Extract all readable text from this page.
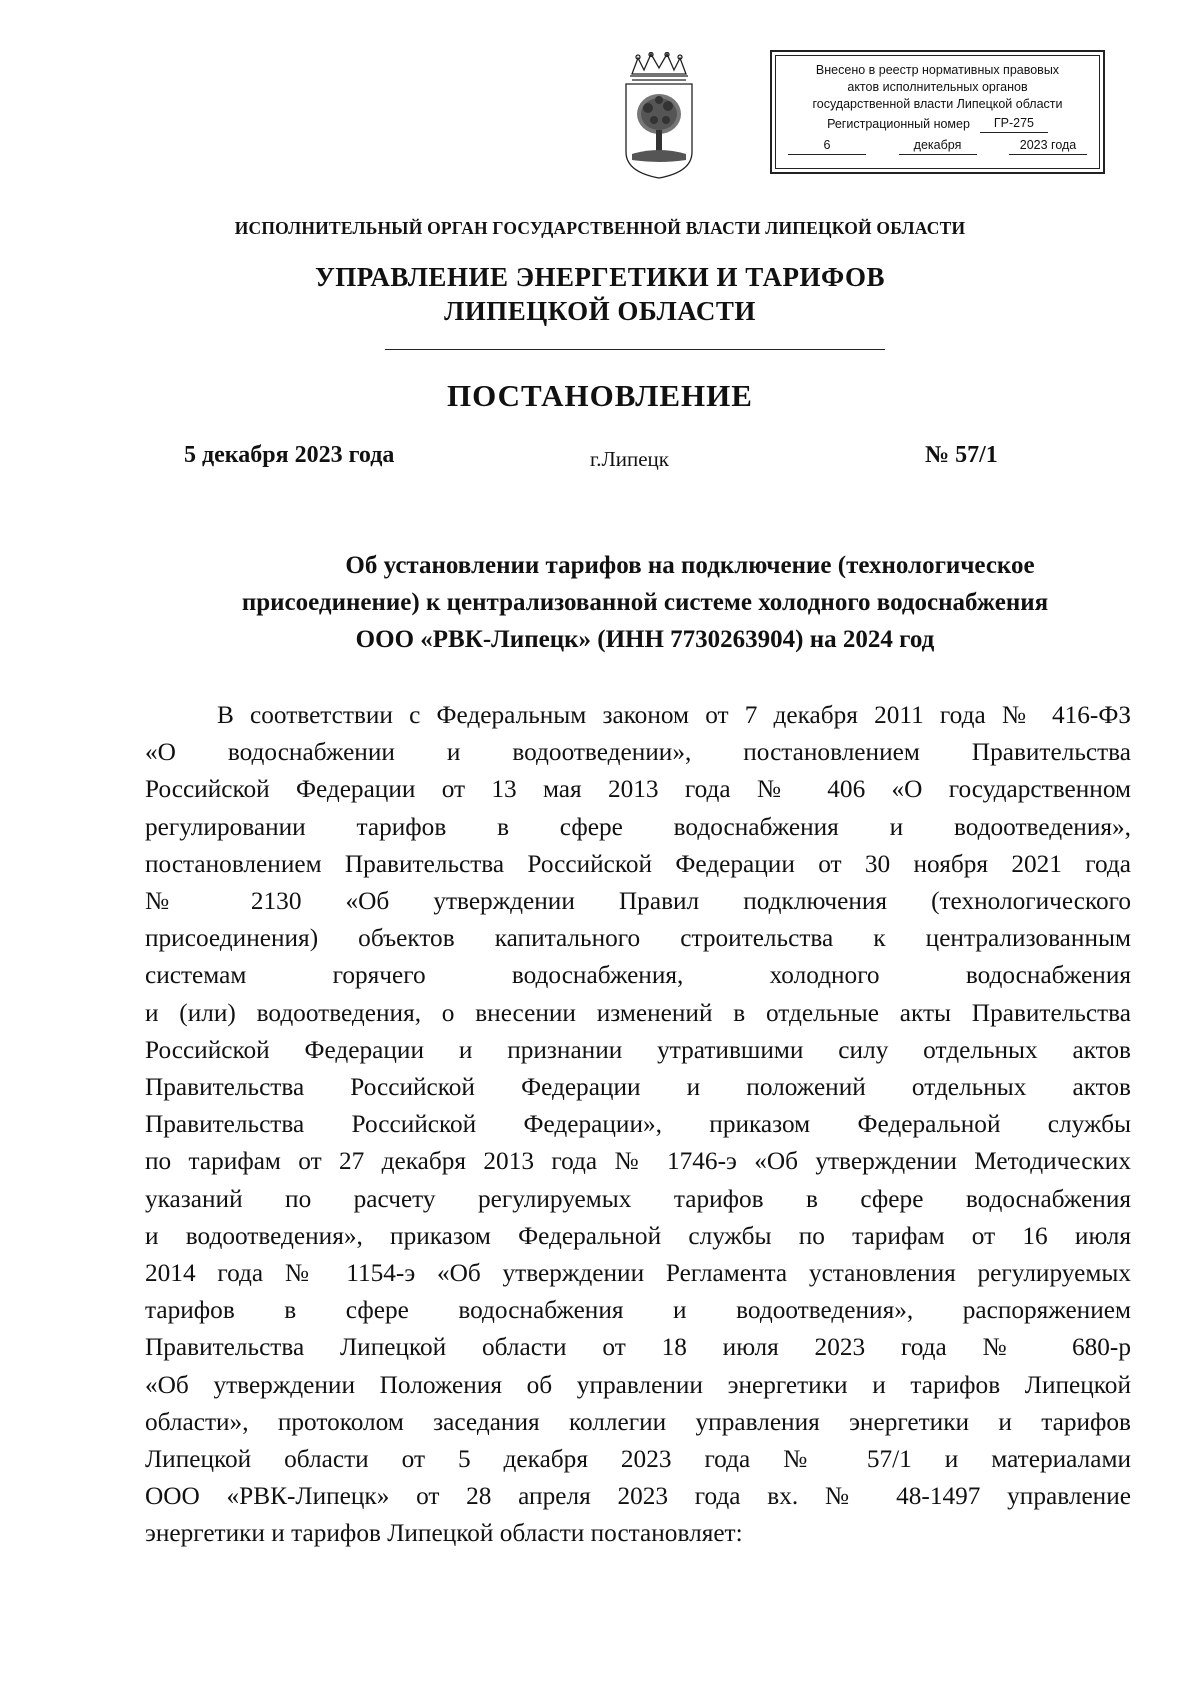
Внесено в реестр нормативных правовых
актов исполнительных органов
государственной власти Липецкой области
Регистрационный номер	ГР-275
6	декабря	2023 года
ИСПОЛНИТЕЛЬНЫЙ ОРГАН ГОСУДАРСТВЕННОЙ ВЛАСТИ ЛИПЕЦКОЙ ОБЛАСТИ
УПРАВЛЕНИЕ ЭНЕРГЕТИКИ И ТАРИФОВ
ЛИПЕЦКОЙ ОБЛАСТИ
ПОСТАНОВЛЕНИЕ
5 декабря 2023 года	г.Липецк	№ 57/1
Об установлении тарифов на подключение (технологическое
присоединение) к централизованной системе холодного водоснабжения
ООО «РВК-Липецк» (ИНН 7730263904) на 2024 год
В соответствии с Федеральным законом от 7 декабря 2011 года № 416-ФЗ
«О водоснабжении и водоотведении», постановлением Правительства
Российской Федерации от 13 мая 2013 года № 406 «О государственном
регулировании тарифов в сфере водоснабжения и водоотведения»,
постановлением Правительства Российской Федерации от 30 ноября 2021 года
№ 2130 «Об утверждении Правил подключения (технологического
присоединения) объектов капитального строительства к централизованным
системам горячего водоснабжения, холодного водоснабжения
и (или) водоотведения, о внесении изменений в отдельные акты Правительства
Российской Федерации и признании утратившими силу отдельных актов
Правительства Российской Федерации и положений отдельных актов
Правительства Российской Федерации», приказом Федеральной службы
по тарифам от 27 декабря 2013 года № 1746-э «Об утверждении Методических
указаний по расчету регулируемых тарифов в сфере водоснабжения
и водоотведения», приказом Федеральной службы по тарифам от 16 июля
2014 года № 1154-э «Об утверждении Регламента установления регулируемых
тарифов в сфере водоснабжения и водоотведения», распоряжением
Правительства Липецкой области от 18 июля 2023 года № 680-р
«Об утверждении Положения об управлении энергетики и тарифов Липецкой
области», протоколом заседания коллегии управления энергетики и тарифов
Липецкой области от 5 декабря 2023 года № 57/1 и материалами
ООО «РВК-Липецк» от 28 апреля 2023 года вх. № 48-1497 управление
энергетики и тарифов Липецкой области постановляет:
